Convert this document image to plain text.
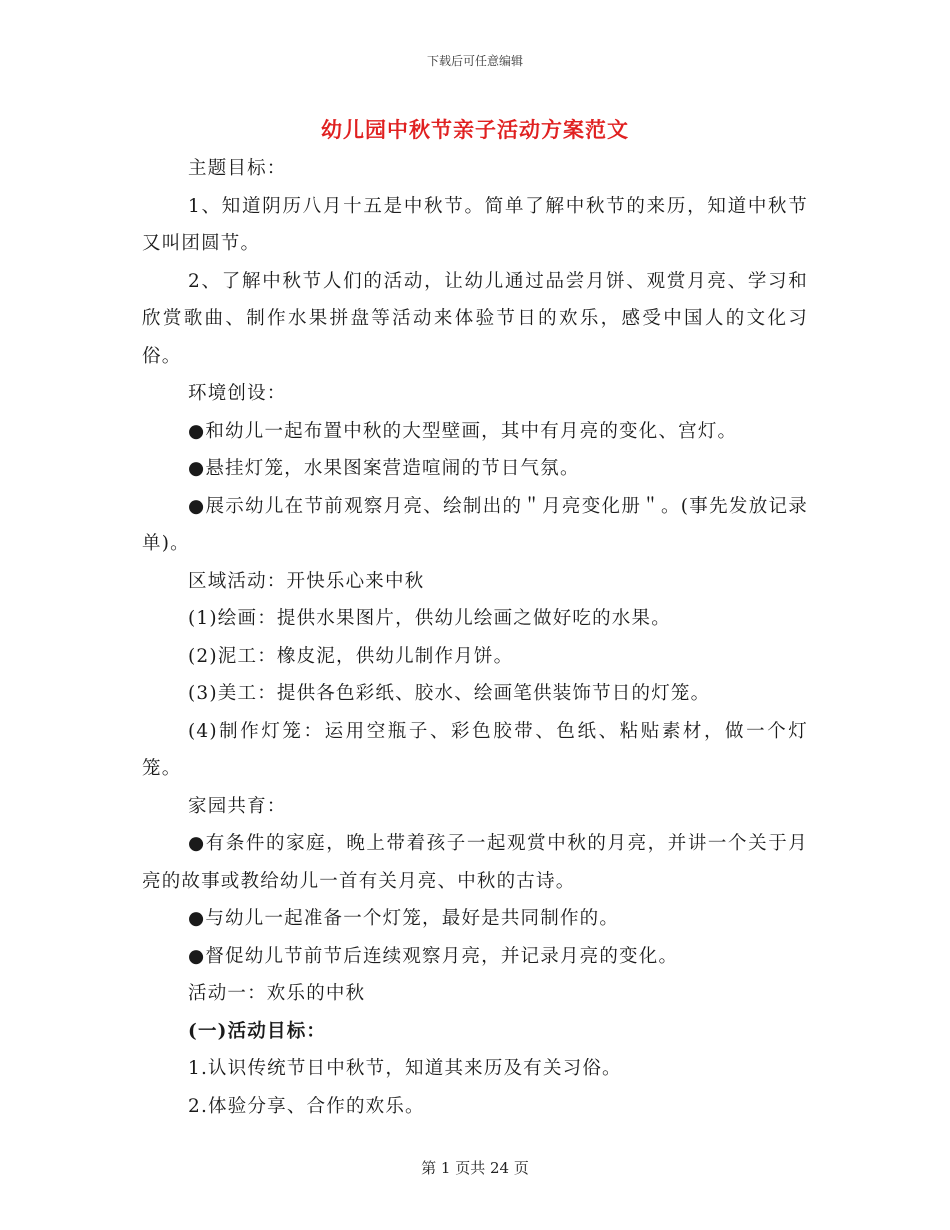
下载后可任意编辑
幼儿园中秋节亲子活动方案范文

主题目标：

1、知道阴历八月十五是中秋节。简单了解中秋节的来历，知道中秋节又叫团圆节。

2、了解中秋节人们的活动，让幼儿通过品尝月饼、观赏月亮、学习和欣赏歌曲、制作水果拼盘等活动来体验节日的欢乐，感受中国人的文化习俗。

环境创设：

●和幼儿一起布置中秋的大型壁画，其中有月亮的变化、宫灯。

●悬挂灯笼，水果图案营造喧闹的节日气氛。

●展示幼儿在节前观察月亮、绘制出的＂月亮变化册＂。(事先发放记录单)。

区域活动：开快乐心来中秋

(1)绘画：提供水果图片，供幼儿绘画之做好吃的水果。

(2)泥工：橡皮泥，供幼儿制作月饼。

(3)美工：提供各色彩纸、胶水、绘画笔供装饰节日的灯笼。

(4)制作灯笼：运用空瓶子、彩色胶带、色纸、粘贴素材，做一个灯笼。

家园共育：

●有条件的家庭，晚上带着孩子一起观赏中秋的月亮，并讲一个关于月亮的故事或教给幼儿一首有关月亮、中秋的古诗。

●与幼儿一起准备一个灯笼，最好是共同制作的。

●督促幼儿节前节后连续观察月亮，并记录月亮的变化。

活动一：欢乐的中秋

(一)活动目标：

1.认识传统节日中秋节，知道其来历及有关习俗。

2.体验分享、合作的欢乐。

第 1 页共 24 页
